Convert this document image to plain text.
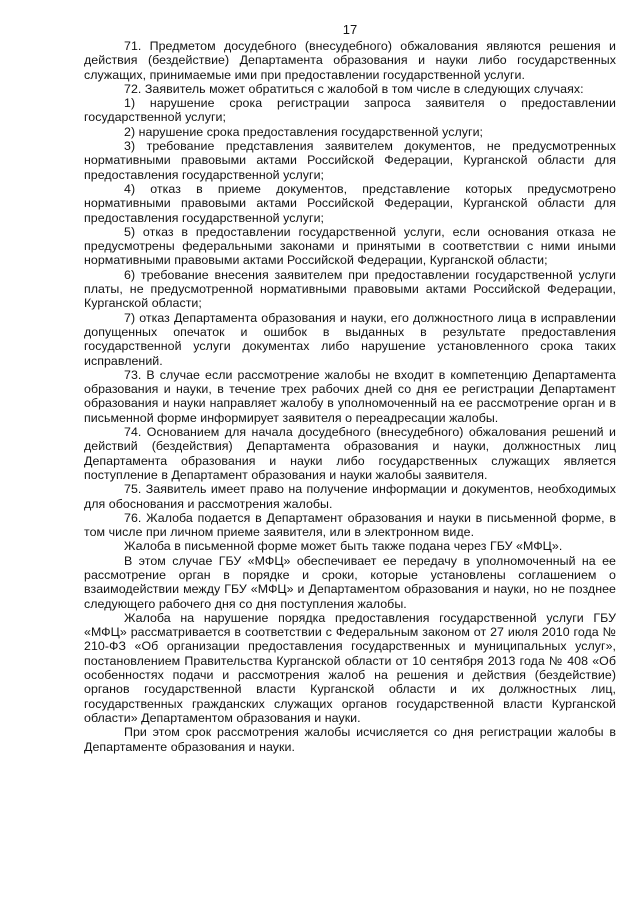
17

71. Предметом досудебного (внесудебного) обжалования являются решения и действия (бездействие) Департамента образования и науки либо государственных служащих, принимаемые ими при предоставлении государственной услуги.

72. Заявитель может обратиться с жалобой в том числе в следующих случаях:

1) нарушение срока регистрации запроса заявителя о предоставлении государственной услуги;

2) нарушение срока предоставления государственной услуги;

3) требование представления заявителем документов, не предусмотренных нормативными правовыми актами Российской Федерации, Курганской области для предоставления государственной услуги;

4) отказ в приеме документов, представление которых предусмотрено нормативными правовыми актами Российской Федерации, Курганской области для предоставления государственной услуги;

5) отказ в предоставлении государственной услуги, если основания отказа не предусмотрены федеральными законами и принятыми в соответствии с ними иными нормативными правовыми актами Российской Федерации, Курганской области;

6) требование внесения заявителем при предоставлении государственной услуги платы, не предусмотренной нормативными правовыми актами Российской Федерации, Курганской области;

7) отказ Департамента образования и науки, его должностного лица в исправлении допущенных опечаток и ошибок в выданных в результате предоставления государственной услуги документах либо нарушение установленного срока таких исправлений.

73. В случае если рассмотрение жалобы не входит в компетенцию Департамента образования и науки, в течение трех рабочих дней со дня ее регистрации Департамент образования и науки направляет жалобу в уполномоченный на ее рассмотрение орган и в письменной форме информирует заявителя о переадресации жалобы.

74. Основанием для начала досудебного (внесудебного) обжалования решений и действий (бездействия) Департамента образования и науки, должностных лиц Департамента образования и науки либо государственных служащих является поступление в Департамент образования и науки жалобы заявителя.

75. Заявитель имеет право на получение информации и документов, необходимых для обоснования и рассмотрения жалобы.

76. Жалоба подается в Департамент образования и науки в письменной форме, в том числе при личном приеме заявителя, или в электронном виде.

Жалоба в письменной форме может быть также подана через ГБУ «МФЦ».

В этом случае ГБУ «МФЦ» обеспечивает ее передачу в уполномоченный на ее рассмотрение орган в порядке и сроки, которые установлены соглашением о взаимодействии между ГБУ «МФЦ» и Департаментом образования и науки, но не позднее следующего рабочего дня со дня поступления жалобы.

Жалоба на нарушение порядка предоставления государственной услуги ГБУ «МФЦ» рассматривается в соответствии с Федеральным законом от 27 июля 2010 года № 210-ФЗ «Об организации предоставления государственных и муниципальных услуг», постановлением Правительства Курганской области от 10 сентября 2013 года № 408 «Об особенностях подачи и рассмотрения жалоб на решения и действия (бездействие) органов государственной власти Курганской области и их должностных лиц, государственных гражданских служащих органов государственной власти Курганской области» Департаментом образования и науки.

При этом срок рассмотрения жалобы исчисляется со дня регистрации жалобы в Департаменте образования и науки.
